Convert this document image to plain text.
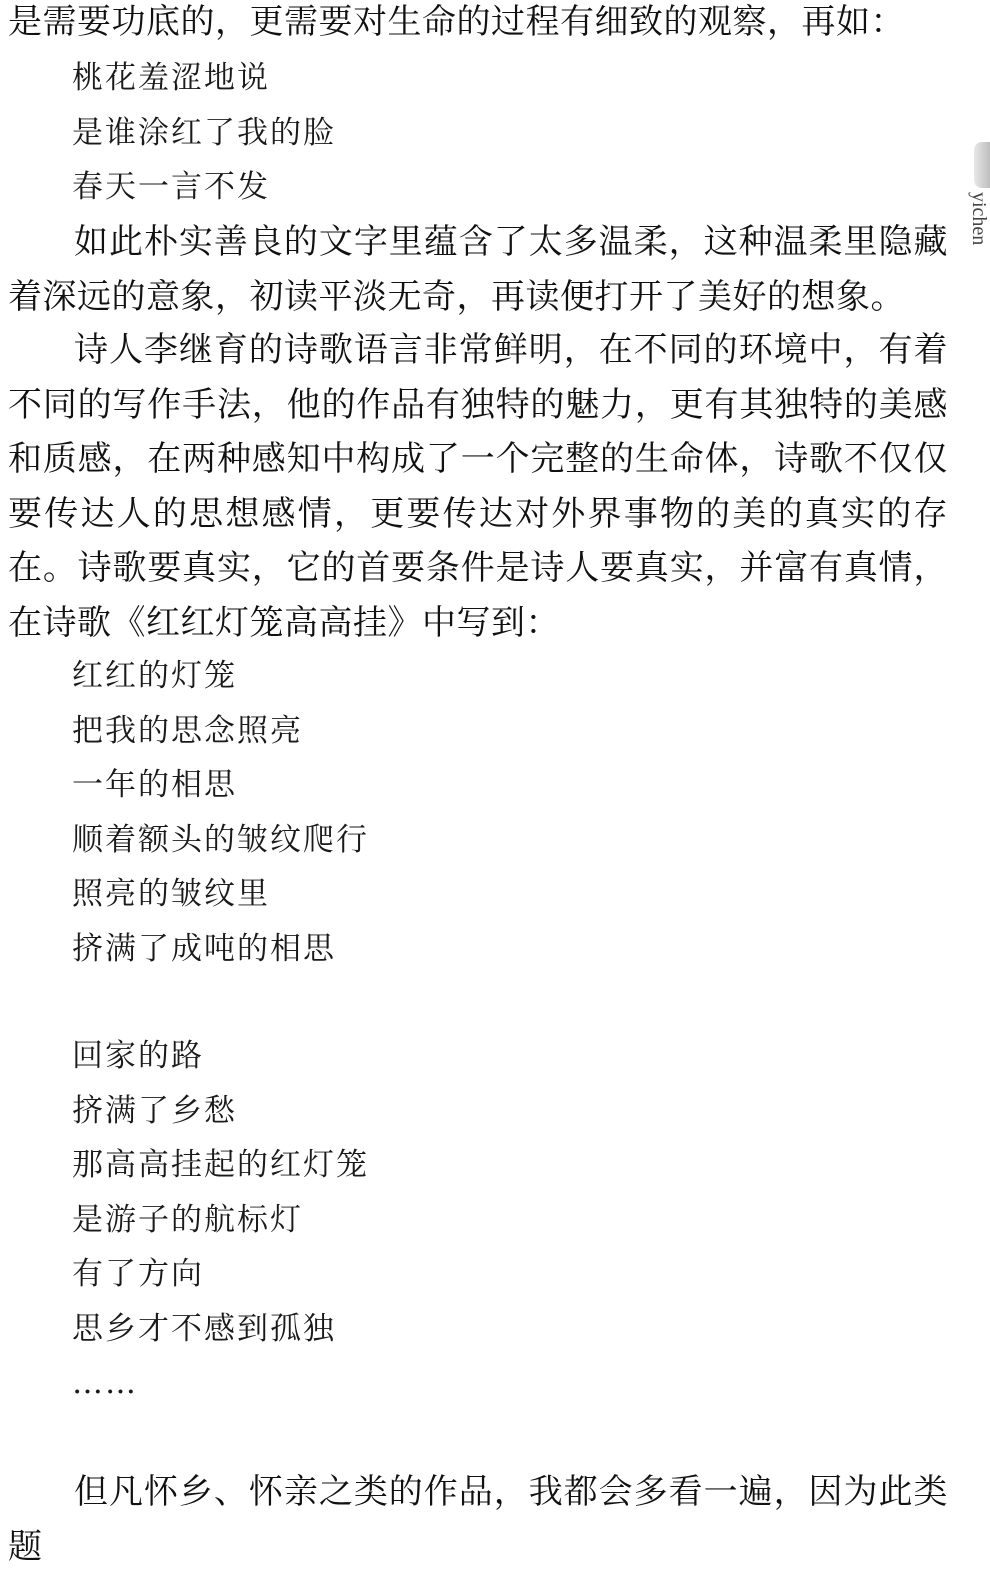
是需要功底的，更需要对生命的过程有细致的观察，再如：

桃花羞涩地说
是谁涂红了我的脸
春天一言不发

如此朴实善良的文字里蕴含了太多温柔，这种温柔里隐藏着深远的意象，初读平淡无奇，再读便打开了美好的想象。

诗人李继育的诗歌语言非常鲜明，在不同的环境中，有着不同的写作手法，他的作品有独特的魅力，更有其独特的美感和质感，在两种感知中构成了一个完整的生命体，诗歌不仅仅要传达人的思想感情，更要传达对外界事物的美的真实的存在。诗歌要真实，它的首要条件是诗人要真实，并富有真情，在诗歌《红红灯笼高高挂》中写到：

红红的灯笼
把我的思念照亮
一年的相思
顺着额头的皱纹爬行
照亮的皱纹里
挤满了成吨的相思
回家的路
挤满了乡愁
那高高挂起的红灯笼
是游子的航标灯
有了方向
思乡才不感到孤独
……

但凡怀乡、怀亲之类的作品，我都会多看一遍，因为此类题

yichen
